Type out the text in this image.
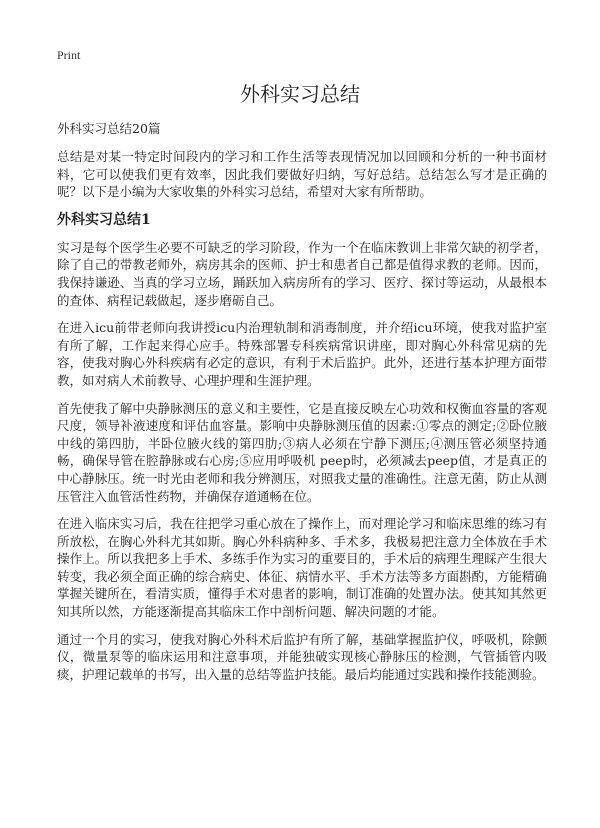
Print
外科实习总结

外科实习总结20篇

总结是对某一特定时间段内的学习和工作生活等表现情况加以回顾和分析的一种书面材料，它可以使我们更有效率，因此我们要做好归纳，写好总结。总结怎么写才是正确的呢？以下是小编为大家收集的外科实习总结，希望对大家有所帮助。

外科实习总结1

实习是每个医学生必要不可缺乏的学习阶段，作为一个在临床教训上非常欠缺的初学者，除了自己的带教老师外，病房其余的医师、护士和患者自己都是值得求教的老师。因而，我保持谦逊、当真的学习立场，踊跃加入病房所有的学习、医疗、探讨等运动，从最根本的查体、病程记载做起，逐步磨砺自己。

在进入icu前带老师向我讲授icu内治理轨制和消毒制度，并介绍icu环境，使我对监护室有所了解，工作起来得心应手。特殊部署专科疾病常识讲座，即对胸心外科常见病的先容，使我对胸心外科疾病有必定的意识，有利于术后监护。此外，还进行基本护理方面带教，如对病人术前教导、心理护理和生涯护理。

首先使我了解中央静脉测压的意义和主要性，它是直接反映左心功效和权衡血容量的客观尺度，领导补液速度和评估血容量。影响中央静脉测压值的因素:①零点的测定;②卧位腋中线的第四肋，半卧位腋火线的第四肋;③病人必须在宁静下测压;④测压管必须坚持通畅，确保导管在腔静脉或右心房;⑤应用呼吸机 peep时，必须减去peep值，才是真正的中心静脉压。统一时光由老师和我分辨测压，对照我丈量的准确性。注意无菌，防止从测压管注入血管活性药物，并确保存道通畅在位。

在进入临床实习后，我在往把学习重心放在了操作上，而对理论学习和临床思维的练习有所放松，在胸心外科尤其如斯。胸心外科病种多、手术多，我极易把注意力全体放在手术操作上。所以我把多上手术、多练手作为实习的重要目的，手术后的病理生理睬产生很大转变，我必须全面正确的综合病史、体征、病情水平、手术方法等多方面斟酌，方能精确掌握关键所在，看清实质，懂得手术对患者的影响，制订准确的处置办法。使其知其然更知其所以然，方能逐渐提高其临床工作中剖析问题、解决问题的才能。

通过一个月的实习，使我对胸心外科术后监护有所了解，基础掌握监护仪，呼吸机，除颤仪，微量泵等的临床运用和注意事项，并能独破实现核心静脉压的检测，气管插管内吸痰，护理记载单的书写，出入量的总结等监护技能。最后均能通过实践和操作技能测验。
